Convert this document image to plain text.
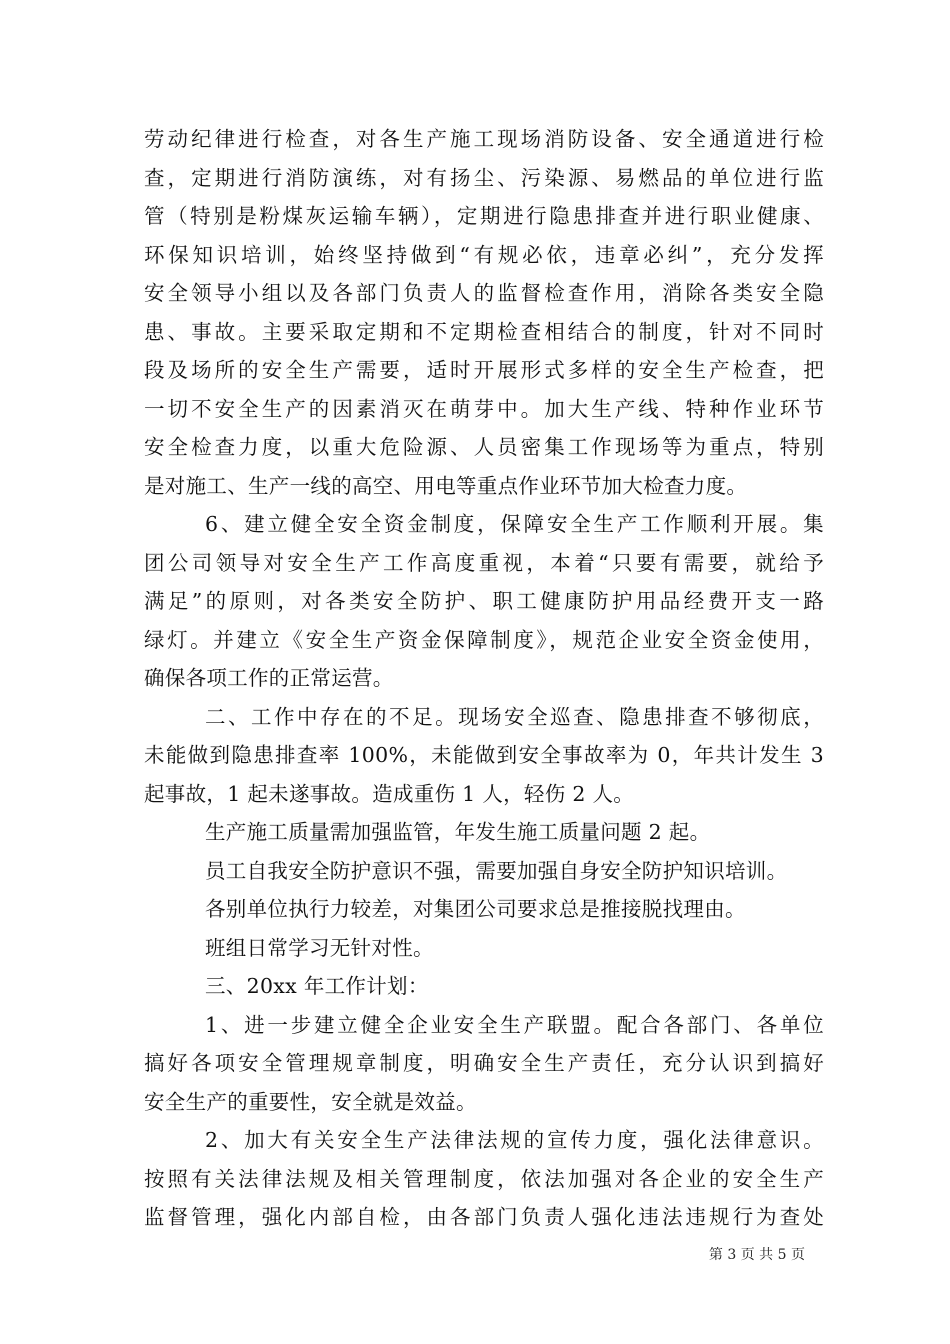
劳动纪律进行检查，对各生产施工现场消防设备、安全通道进行检
查，定期进行消防演练，对有扬尘、污染源、易燃品的单位进行监
管（特别是粉煤灰运输车辆），定期进行隐患排查并进行职业健康、
环保知识培训，始终坚持做到“有规必依，违章必纠”，充分发挥
安全领导小组以及各部门负责人的监督检查作用，消除各类安全隐
患、事故。主要采取定期和不定期检查相结合的制度，针对不同时
段及场所的安全生产需要，适时开展形式多样的安全生产检查，把
一切不安全生产的因素消灭在萌芽中。加大生产线、特种作业环节
安全检查力度，以重大危险源、人员密集工作现场等为重点，特别
是对施工、生产一线的高空、用电等重点作业环节加大检查力度。
6、建立健全安全资金制度，保障安全生产工作顺利开展。集
团公司领导对安全生产工作高度重视，本着“只要有需要，就给予
满足”的原则，对各类安全防护、职工健康防护用品经费开支一路
绿灯。并建立《安全生产资金保障制度》，规范企业安全资金使用，
确保各项工作的正常运营。
二、工作中存在的不足。现场安全巡查、隐患排查不够彻底，
未能做到隐患排查率 100%，未能做到安全事故率为 0，年共计发生 3
起事故，1 起未遂事故。造成重伤 1 人，轻伤 2 人。
生产施工质量需加强监管，年发生施工质量问题 2 起。
员工自我安全防护意识不强，需要加强自身安全防护知识培训。
各别单位执行力较差，对集团公司要求总是推接脱找理由。
班组日常学习无针对性。
三、20xx 年工作计划：
1、进一步建立健全企业安全生产联盟。配合各部门、各单位
搞好各项安全管理规章制度，明确安全生产责任，充分认识到搞好
安全生产的重要性，安全就是效益。
2、加大有关安全生产法律法规的宣传力度，强化法律意识。
按照有关法律法规及相关管理制度，依法加强对各企业的安全生产
监督管理，强化内部自检，由各部门负责人强化违法违规行为查处
第 3 页 共 5 页
